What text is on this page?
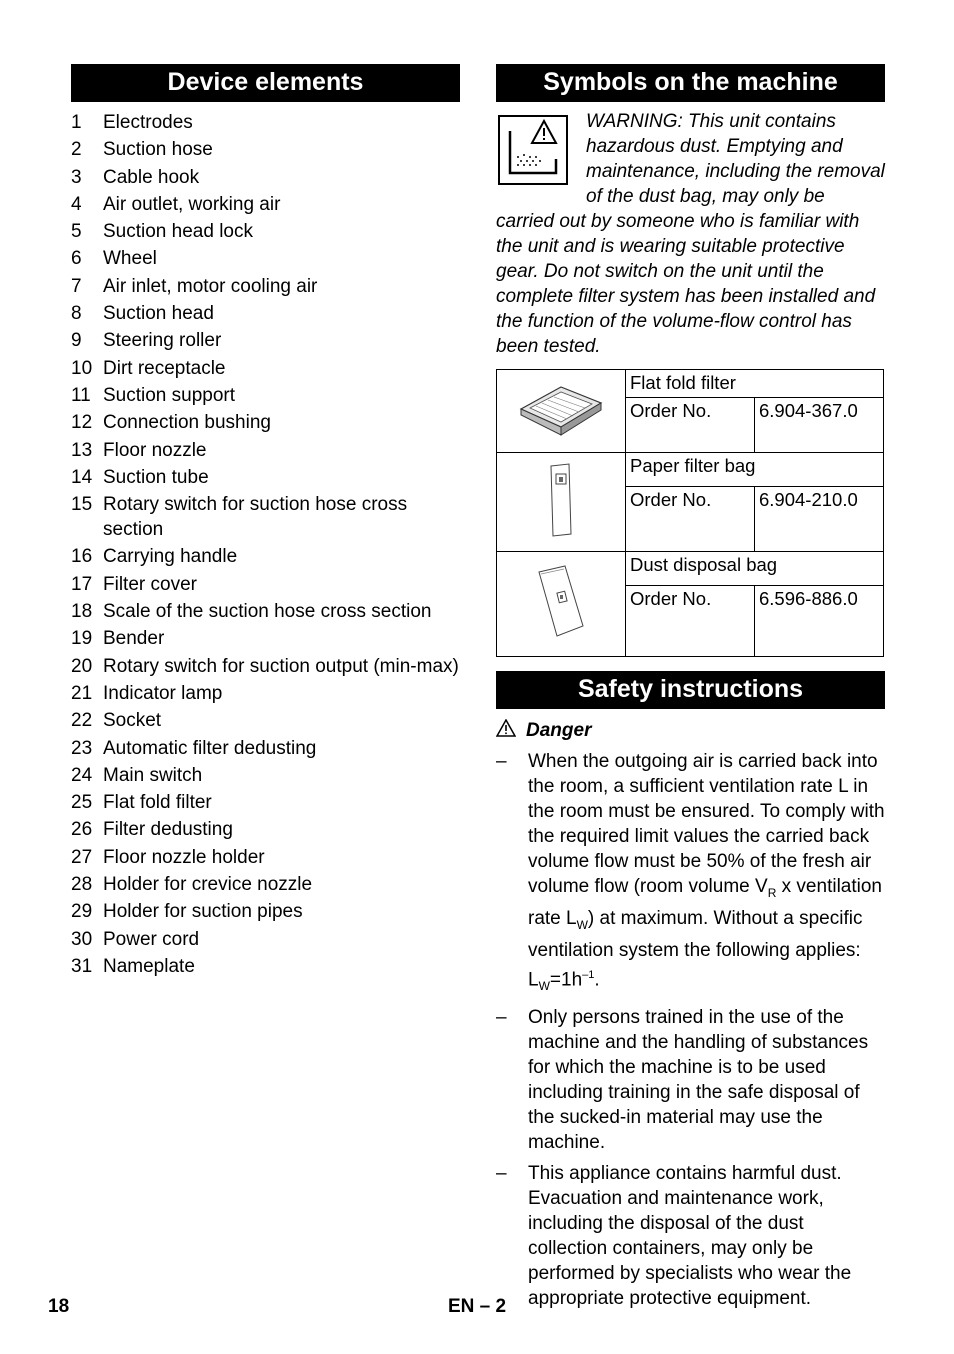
Device elements
1	Electrodes
2	Suction hose
3	Cable hook
4	Air outlet, working air
5	Suction head lock
6	Wheel
7	Air inlet, motor cooling air
8	Suction head
9	Steering roller
10 Dirt receptacle
11 Suction support
12 Connection bushing
13 Floor nozzle
14 Suction tube
15 Rotary switch for suction hose cross section
16 Carrying handle
17 Filter cover
18 Scale of the suction hose cross section
19 Bender
20 Rotary switch for suction output (min-max)
21 Indicator lamp
22 Socket
23 Automatic filter dedusting
24 Main switch
25 Flat fold filter
26 Filter dedusting
27 Floor nozzle holder
28 Holder for crevice nozzle
29 Holder for suction pipes
30 Power cord
31 Nameplate
Symbols on the machine
WARNING: This unit contains hazardous dust. Emptying and maintenance, including the removal of the dust bag, may only be carried out by someone who is familiar with the unit and is wearing suitable protective gear. Do not switch on the unit until the complete filter system has been installed and the function of the volume-flow control has been tested.
	Flat fold filter	
	Order No.	6.904-367.0
	Paper filter bag	
	Order No.	6.904-210.0
	Dust disposal bag	
	Order No.	6.596-886.0
Safety instructions
Danger
–	When the outgoing air is carried back into the room, a sufficient ventilation rate L in the room must be ensured. To comply with the required limit values the carried back volume flow must be 50% of the fresh air volume flow (room volume $V_R$ x ventilation rate $L_W$) at maximum. Without a specific ventilation system the following applies: $L_W=1h^{-1}$.
–	Only persons trained in the use of the machine and the handling of substances for which the machine is to be used including training in the safe disposal of the sucked-in material may use the machine.
–	This appliance contains harmful dust. Evacuation and maintenance work, including the disposal of the dust collection containers, may only be performed by specialists who wear the appropriate protective equipment.
18	EN – 2
